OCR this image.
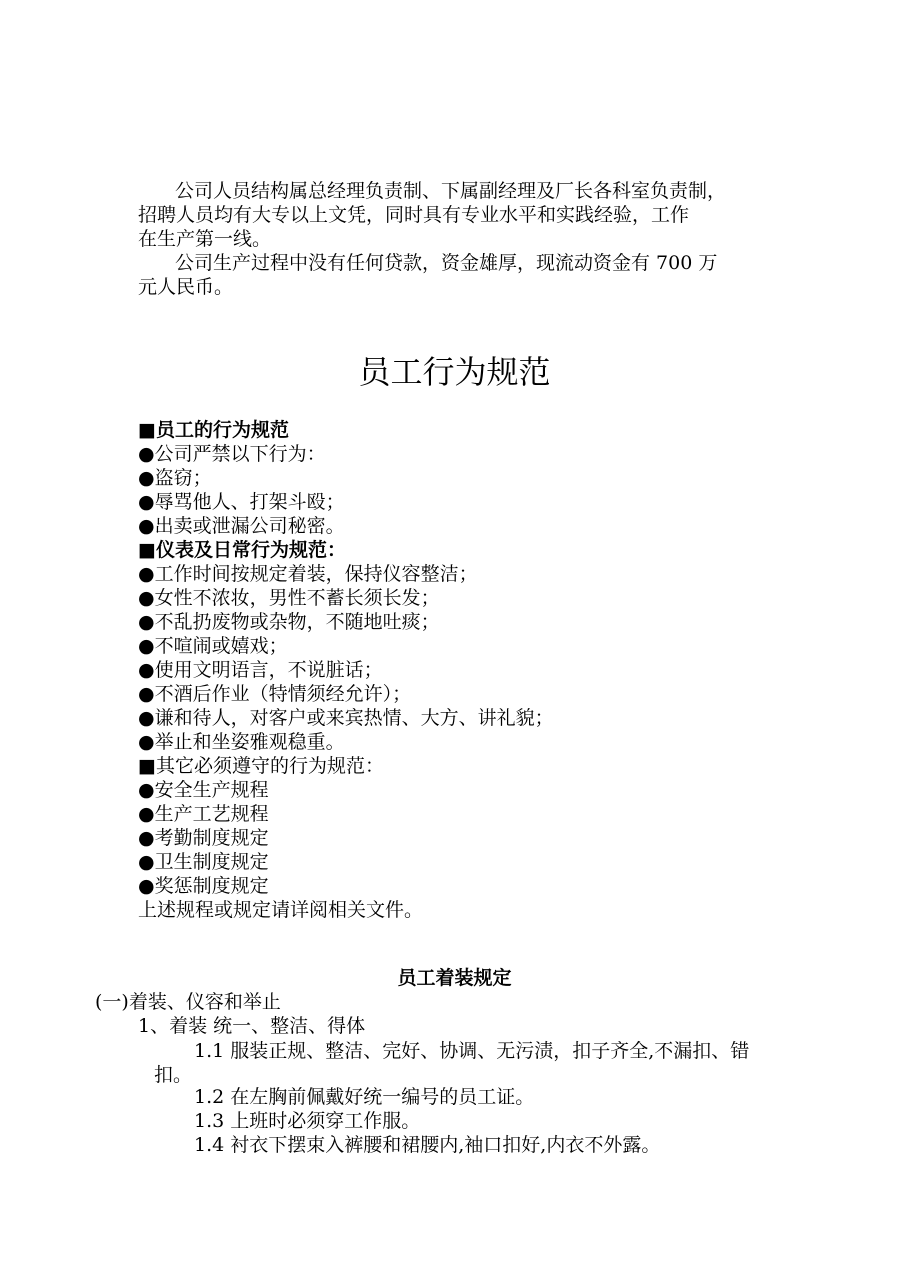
公司人员结构属总经理负责制、下属副经理及厂长各科室负责制，
招聘人员均有大专以上文凭，同时具有专业水平和实践经验，工作
在生产第一线。
公司生产过程中没有任何贷款，资金雄厚，现流动资金有 700 万
元人民币。
员工行为规范
■员工的行为规范
●公司严禁以下行为：
●盗窃；
●辱骂他人、打架斗殴；
●出卖或泄漏公司秘密。
■仪表及日常行为规范：
●工作时间按规定着装，保持仪容整洁；
●女性不浓妆，男性不蓄长须长发；
●不乱扔废物或杂物，不随地吐痰；
●不喧闹或嬉戏；
●使用文明语言，不说脏话；
●不酒后作业（特情须经允许）；
●谦和待人，对客户或来宾热情、大方、讲礼貌；
●举止和坐姿雅观稳重。
■其它必须遵守的行为规范：
●安全生产规程
●生产工艺规程
●考勤制度规定
●卫生制度规定
●奖惩制度规定
上述规程或规定请详阅相关文件。
员工着装规定
(一)着装、仪容和举止
1、着装 统一、整洁、得体
1.1 服装正规、整洁、完好、协调、无污渍，扣子齐全,不漏扣、错
扣。
1.2 在左胸前佩戴好统一编号的员工证。
1.3 上班时必须穿工作服。
1.4 衬衣下摆束入裤腰和裙腰内,袖口扣好,内衣不外露。
